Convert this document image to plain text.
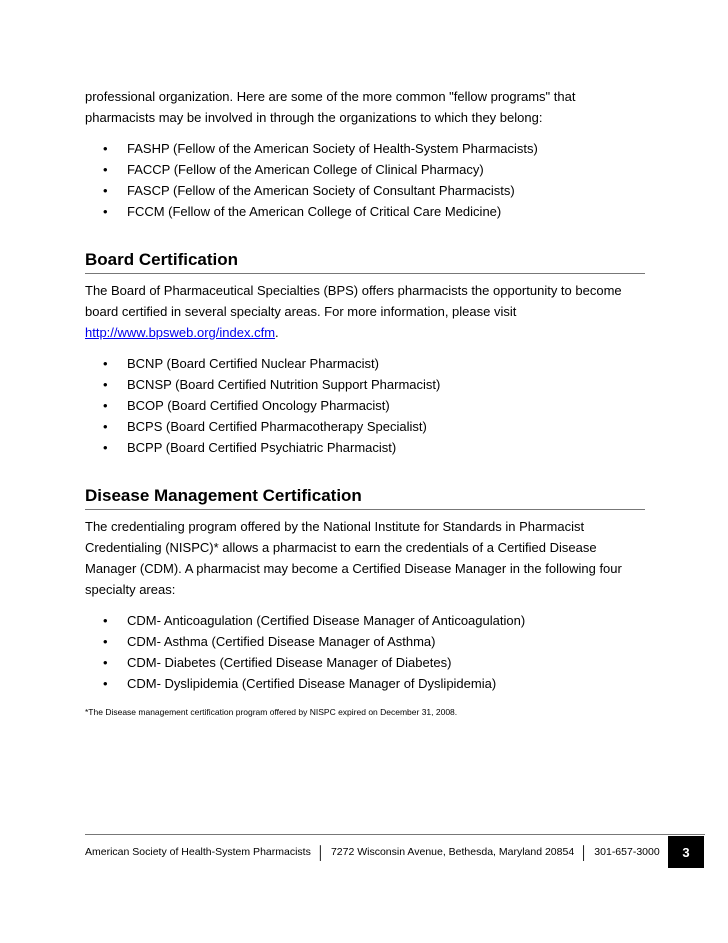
professional organization. Here are some of the more common "fellow programs" that pharmacists may be involved in through the organizations to which they belong:

• FASHP (Fellow of the American Society of Health-System Pharmacists)
• FACCP (Fellow of the American College of Clinical Pharmacy)
• FASCP (Fellow of the American Society of Consultant Pharmacists)
• FCCM (Fellow of the American College of Critical Care Medicine)
Board Certification

The Board of Pharmaceutical Specialties (BPS) offers pharmacists the opportunity to become board certified in several specialty areas. For more information, please visit http://www.bpsweb.org/index.cfm.

• BCNP (Board Certified Nuclear Pharmacist)
• BCNSP (Board Certified Nutrition Support Pharmacist)
• BCOP (Board Certified Oncology Pharmacist)
• BCPS (Board Certified Pharmacotherapy Specialist)
• BCPP (Board Certified Psychiatric Pharmacist)
Disease Management Certification

The credentialing program offered by the National Institute for Standards in Pharmacist Credentialing (NISPC)* allows a pharmacist to earn the credentials of a Certified Disease Manager (CDM). A pharmacist may become a Certified Disease Manager in the following four specialty areas:

• CDM- Anticoagulation (Certified Disease Manager of Anticoagulation)
• CDM- Asthma (Certified Disease Manager of Asthma)
• CDM- Diabetes (Certified Disease Manager of Diabetes)
• CDM- Dyslipidemia (Certified Disease Manager of Dyslipidemia)

*The Disease management certification program offered by NISPC expired on December 31, 2008.

American Society of Health-System Pharmacists │ 7272 Wisconsin Avenue, Bethesda, Maryland 20854 │ 301-657-3000	3
